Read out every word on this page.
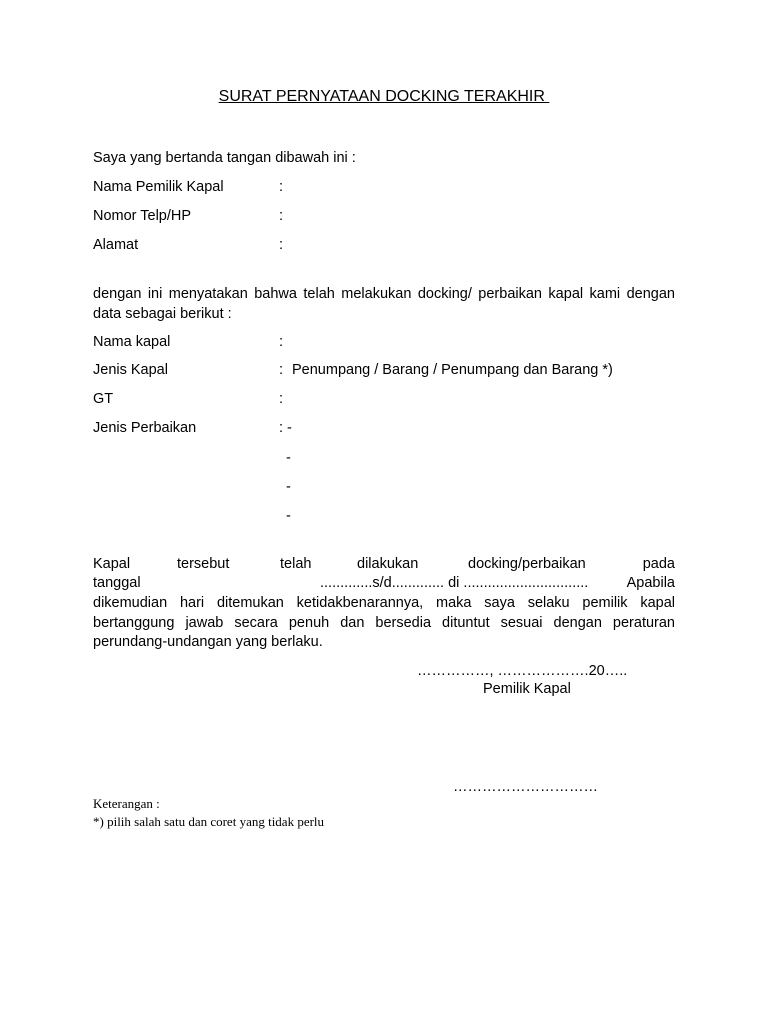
SURAT PERNYATAAN DOCKING TERAKHIR
Saya yang bertanda tangan dibawah ini :
Nama Pemilik Kapal	:
Nomor Telp/HP	:
Alamat	:
dengan ini menyatakan bahwa telah melakukan docking/ perbaikan kapal kami dengan data sebagai berikut :
Nama kapal	:
Jenis Kapal	: Penumpang / Barang / Penumpang dan Barang *)
GT	:
Jenis Perbaikan	: -
-
-
-
Kapal	tersebut	telah	dilakukan	docking/perbaikan	pada
tanggal	.............s/d............. di ...............................	Apabila
dikemudian hari ditemukan ketidakbenarannya, maka saya selaku pemilik kapal bertanggung jawab secara penuh dan bersedia dituntut sesuai dengan peraturan perundang-undangan yang berlaku.
……………, ……………….20…..
Pemilik Kapal
…………………………
Keterangan :
*) pilih salah satu dan coret yang tidak perlu
